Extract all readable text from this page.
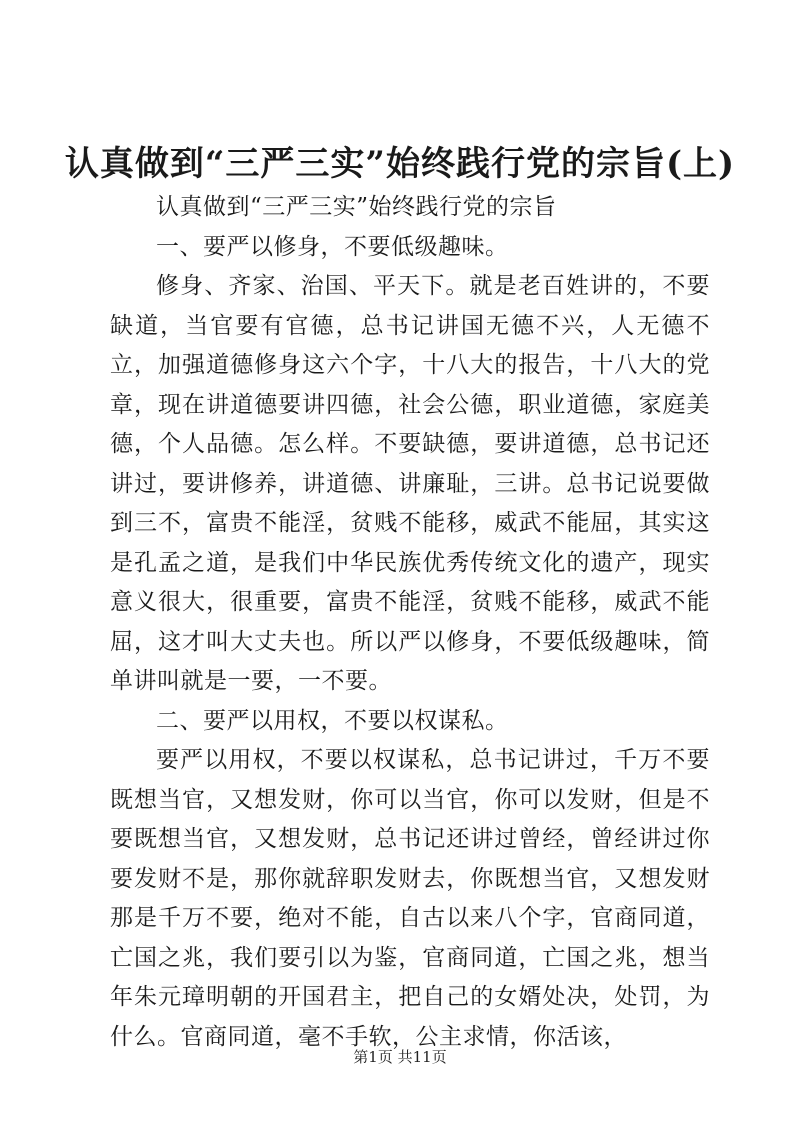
认真做到“三严三实”始终践行党的宗旨(上)

认真做到“三严三实”始终践行党的宗旨

一、要严以修身，不要低级趣味。

修身、齐家、治国、平天下。就是老百姓讲的，不要缺道，当官要有官德，总书记讲国无德不兴，人无德不立，加强道德修身这六个字，十八大的报告，十八大的党章，现在讲道德要讲四德，社会公德，职业道德，家庭美德，个人品德。怎么样。不要缺德，要讲道德，总书记还讲过，要讲修养，讲道德、讲廉耻，三讲。总书记说要做到三不，富贵不能淫，贫贱不能移，威武不能屈，其实这是孔孟之道，是我们中华民族优秀传统文化的遗产，现实意义很大，很重要，富贵不能淫，贫贱不能移，威武不能屈，这才叫大丈夫也。所以严以修身，不要低级趣味，简单讲叫就是一要，一不要。

二、要严以用权，不要以权谋私。

要严以用权，不要以权谋私，总书记讲过，千万不要既想当官，又想发财，你可以当官，你可以发财，但是不要既想当官，又想发财，总书记还讲过曾经，曾经讲过你要发财不是，那你就辞职发财去，你既想当官，又想发财那是千万不要，绝对不能，自古以来八个字，官商同道，亡国之兆，我们要引以为鉴，官商同道，亡国之兆，想当年朱元璋明朝的开国君主，把自己的女婿处决，处罚，为什么。官商同道，毫不手软，公主求情，你活该，

第1页 共11页
